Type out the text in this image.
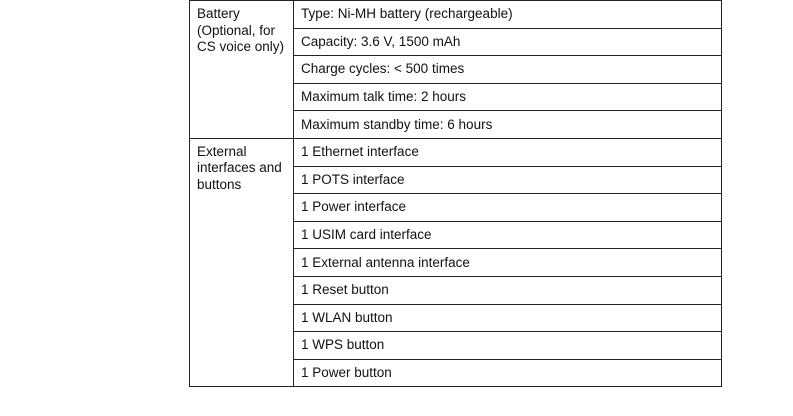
Battery (Optional, for CS voice only)	Type: Ni-MH battery (rechargeable)
	Capacity: 3.6 V, 1500 mAh
	Charge cycles: < 500 times
	Maximum talk time: 2 hours
	Maximum standby time: 6 hours
External interfaces and buttons	1 Ethernet interface
	1 POTS interface
	1 Power interface
	1 USIM card interface
	1 External antenna interface
	1 Reset button
	1 WLAN button
	1 WPS button
	1 Power button
